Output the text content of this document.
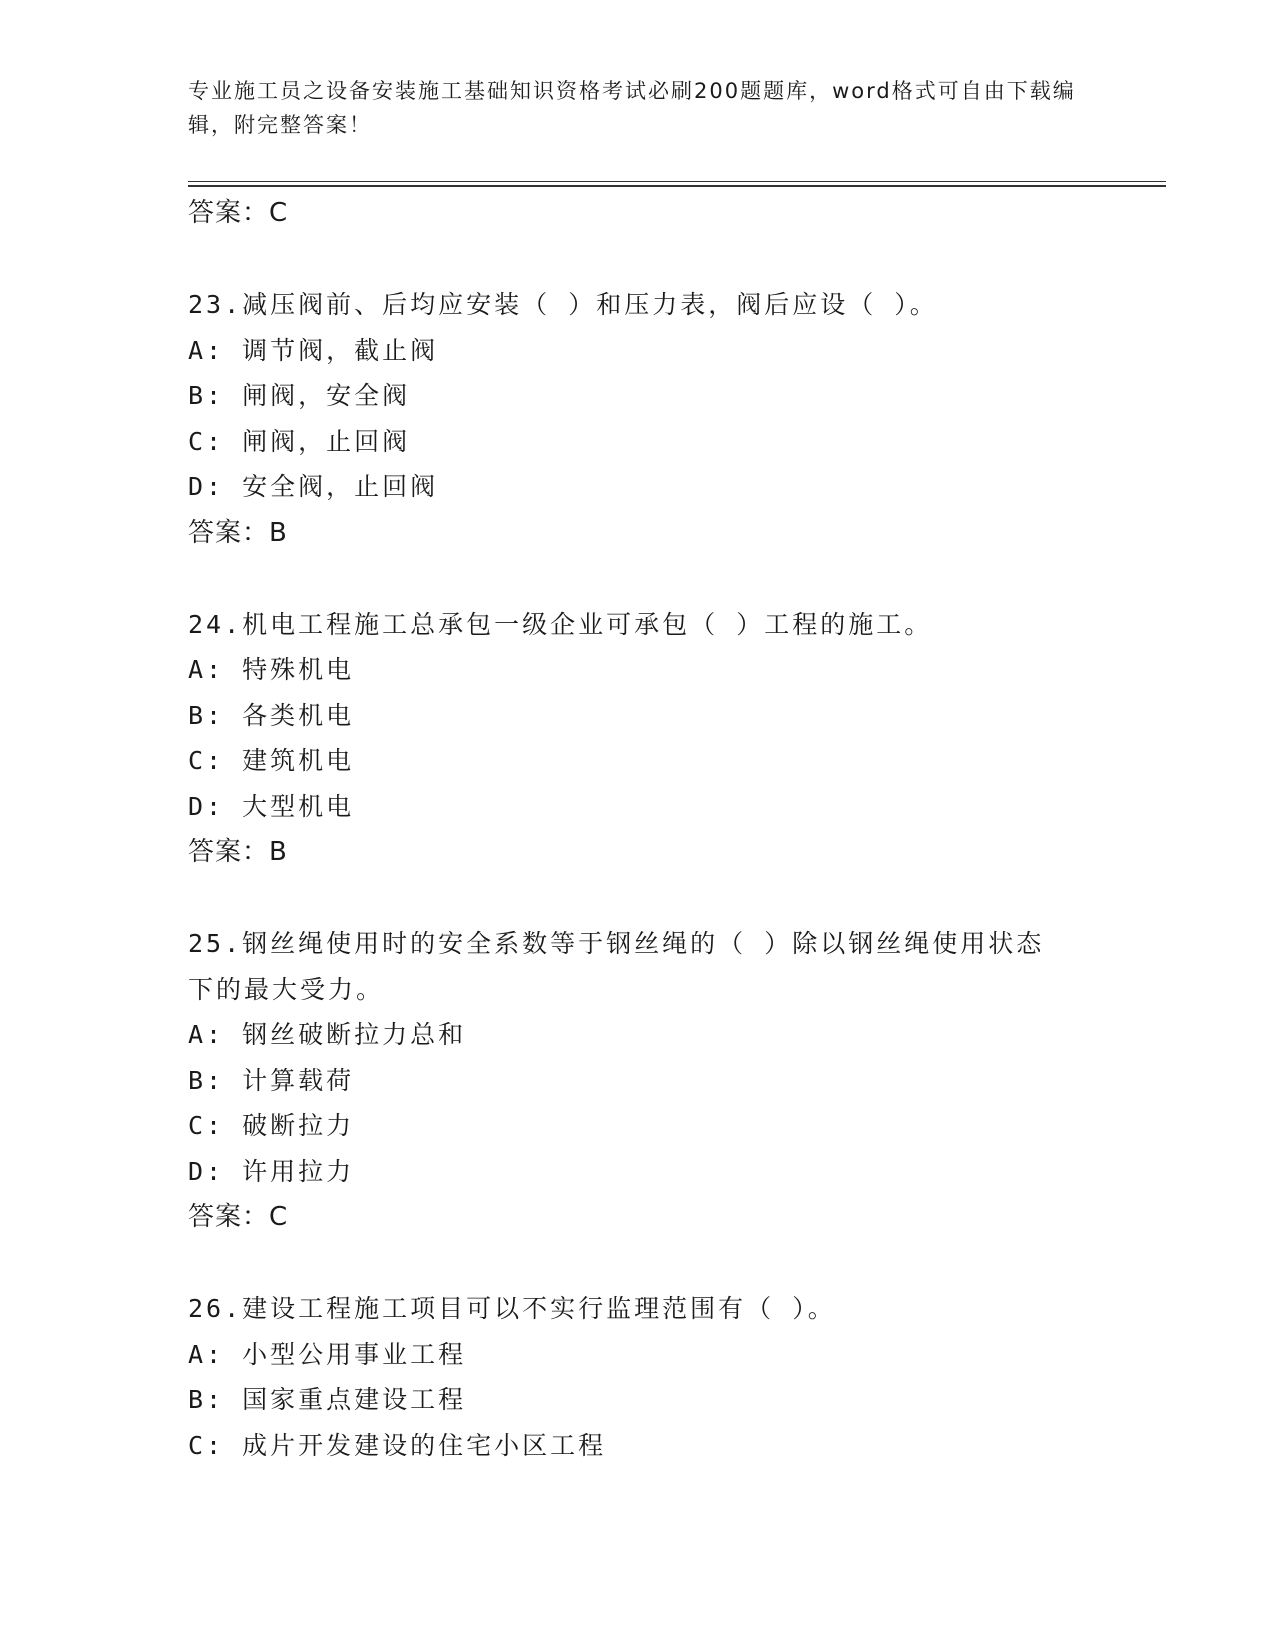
专业施工员之设备安装施工基础知识资格考试必刷200题题库，word格式可自由下载编辑，附完整答案！
答案：C
23.减压阀前、后均应安装（ ）和压力表，阀后应设（ ）。
A: 调节阀，截止阀
B: 闸阀，安全阀
C: 闸阀，止回阀
D: 安全阀，止回阀
答案：B
24.机电工程施工总承包一级企业可承包（ ）工程的施工。
A: 特殊机电
B: 各类机电
C: 建筑机电
D: 大型机电
答案：B
25.钢丝绳使用时的安全系数等于钢丝绳的（ ）除以钢丝绳使用状态下的最大受力。
A: 钢丝破断拉力总和
B: 计算载荷
C: 破断拉力
D: 许用拉力
答案：C
26.建设工程施工项目可以不实行监理范围有（ ）。
A: 小型公用事业工程
B: 国家重点建设工程
C: 成片开发建设的住宅小区工程
